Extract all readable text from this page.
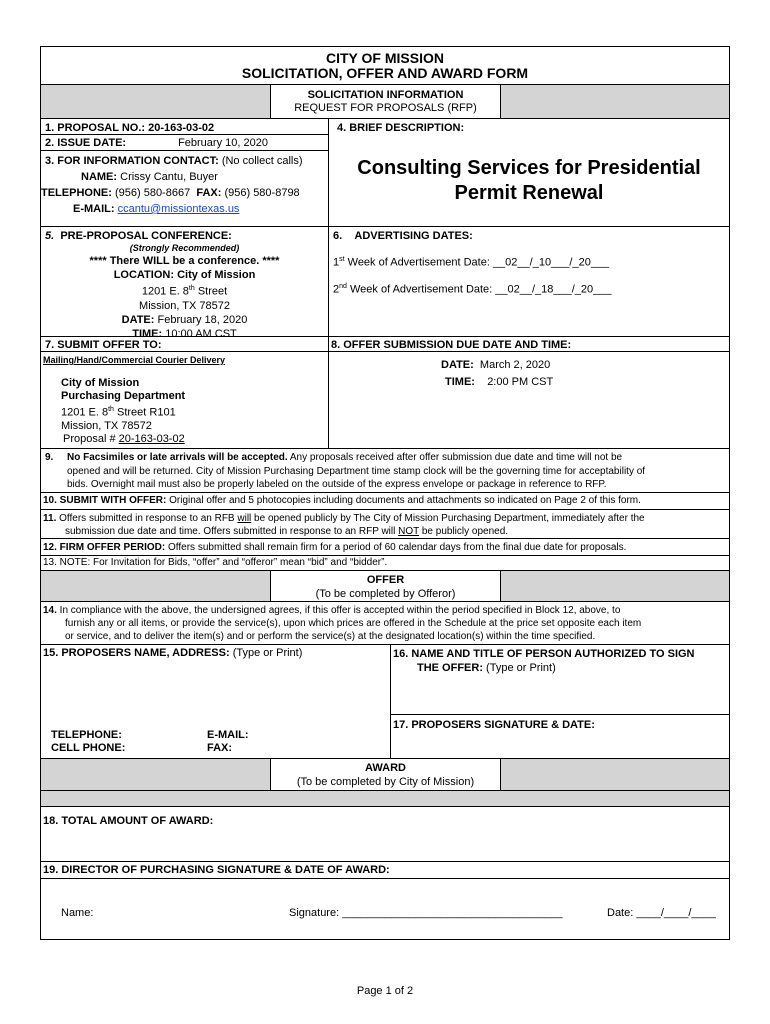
CITY OF MISSION
SOLICITATION, OFFER AND AWARD FORM
SOLICITATION INFORMATION
REQUEST FOR PROPOSALS (RFP)
1. PROPOSAL NO.: 20-163-03-02
2. ISSUE DATE:	February 10, 2020
3. FOR INFORMATION CONTACT: (No collect calls)
NAME: Crissy Cantu, Buyer
TELEPHONE: (956) 580-8667 FAX: (956) 580-8798
E-MAIL: ccantu@missiontexas.us
4. BRIEF DESCRIPTION:
Consulting Services for Presidential
Permit Renewal
5. PRE-PROPOSAL CONFERENCE:
(Strongly Recommended)
**** There WILL be a conference. ****
LOCATION: City of Mission
1201 E. 8th Street
Mission, TX 78572
DATE: February 18, 2020
TIME: 10:00 AM CST
6. ADVERTISING DATES:
1st Week of Advertisement Date: __02__/_10___/_20___
2nd Week of Advertisement Date: __02__/_18___/_20___
7. SUBMIT OFFER TO:
Mailing/Hand/Commercial Courier Delivery
City of Mission
Purchasing Department
1201 E. 8th Street R101
Mission, TX 78572
Proposal # 20-163-03-02
8. OFFER SUBMISSION DUE DATE AND TIME:
DATE: March 2, 2020
TIME: 2:00 PM CST
9. No Facsimiles or late arrivals will be accepted. Any proposals received after offer submission due date and time will not be
opened and will be returned. City of Mission Purchasing Department time stamp clock will be the governing time for acceptability of
bids. Overnight mail must also be properly labeled on the outside of the express envelope or package in reference to RFP.
10. SUBMIT WITH OFFER: Original offer and 5 photocopies including documents and attachments so indicated on Page 2 of this form.
11. Offers submitted in response to an RFB will be opened publicly by The City of Mission Purchasing Department, immediately after the
submission due date and time. Offers submitted in response to an RFP will NOT be publicly opened.
12. FIRM OFFER PERIOD: Offers submitted shall remain firm for a period of 60 calendar days from the final due date for proposals.
13. NOTE: For Invitation for Bids, “offer” and “offeror” mean “bid” and “bidder”.
OFFER
(To be completed by Offeror)
14. In compliance with the above, the undersigned agrees, if this offer is accepted within the period specified in Block 12, above, to
furnish any or all items, or provide the service(s), upon which prices are offered in the Schedule at the price set opposite each item
or service, and to deliver the item(s) and or perform the service(s) at the designated location(s) within the time specified.
15. PROPOSERS NAME, ADDRESS: (Type or Print)
TELEPHONE:
CELL PHONE:
E-MAIL:
FAX:
16. NAME AND TITLE OF PERSON AUTHORIZED TO SIGN
THE OFFER: (Type or Print)
17. PROPOSERS SIGNATURE & DATE:
AWARD
(To be completed by City of Mission)
18. TOTAL AMOUNT OF AWARD:
19. DIRECTOR OF PURCHASING SIGNATURE & DATE OF AWARD:
Name:	Signature: ____________________________________	Date: ____/____/____
Page 1 of 2
